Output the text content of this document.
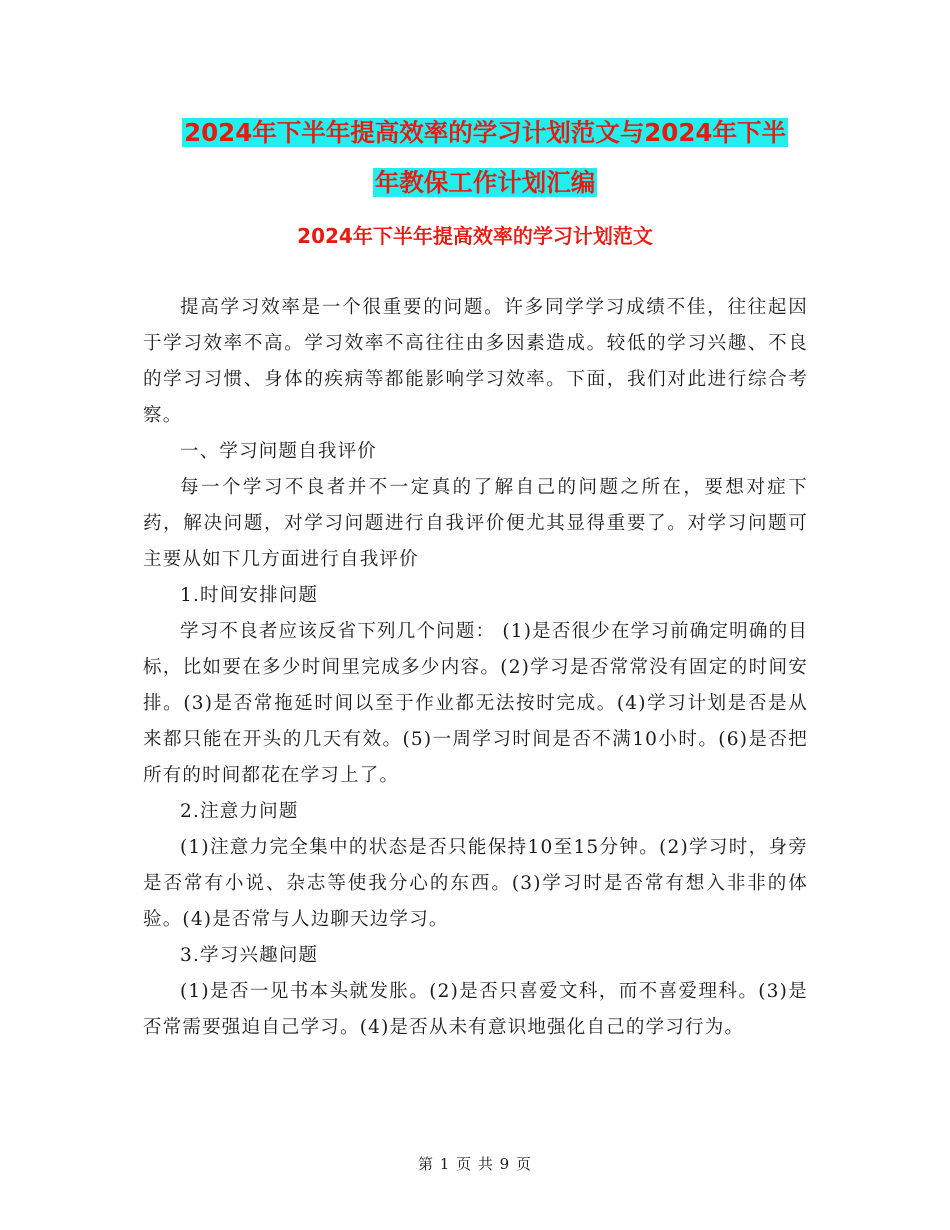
2024年下半年提高效率的学习计划范文与2024年下半
年教保工作计划汇编
2024年下半年提高效率的学习计划范文

提高学习效率是一个很重要的问题。许多同学学习成绩不佳，往往起因于学习效率不高。学习效率不高往往由多因素造成。较低的学习兴趣、不良的学习习惯、身体的疾病等都能影响学习效率。下面，我们对此进行综合考察。

一、学习问题自我评价

每一个学习不良者并不一定真的了解自己的问题之所在，要想对症下药，解决问题，对学习问题进行自我评价便尤其显得重要了。对学习问题可主要从如下几方面进行自我评价

1.时间安排问题

学习不良者应该反省下列几个问题： (1)是否很少在学习前确定明确的目标，比如要在多少时间里完成多少内容。(2)学习是否常常没有固定的时间安排。(3)是否常拖延时间以至于作业都无法按时完成。(4)学习计划是否是从来都只能在开头的几天有效。(5)一周学习时间是否不满10小时。(6)是否把所有的时间都花在学习上了。

2.注意力问题

(1)注意力完全集中的状态是否只能保持10至15分钟。(2)学习时，身旁是否常有小说、杂志等使我分心的东西。(3)学习时是否常有想入非非的体验。(4)是否常与人边聊天边学习。

3.学习兴趣问题

(1)是否一见书本头就发胀。(2)是否只喜爱文科，而不喜爱理科。(3)是否常需要强迫自己学习。(4)是否从未有意识地强化自己的学习行为。

第 1 页 共 9 页
